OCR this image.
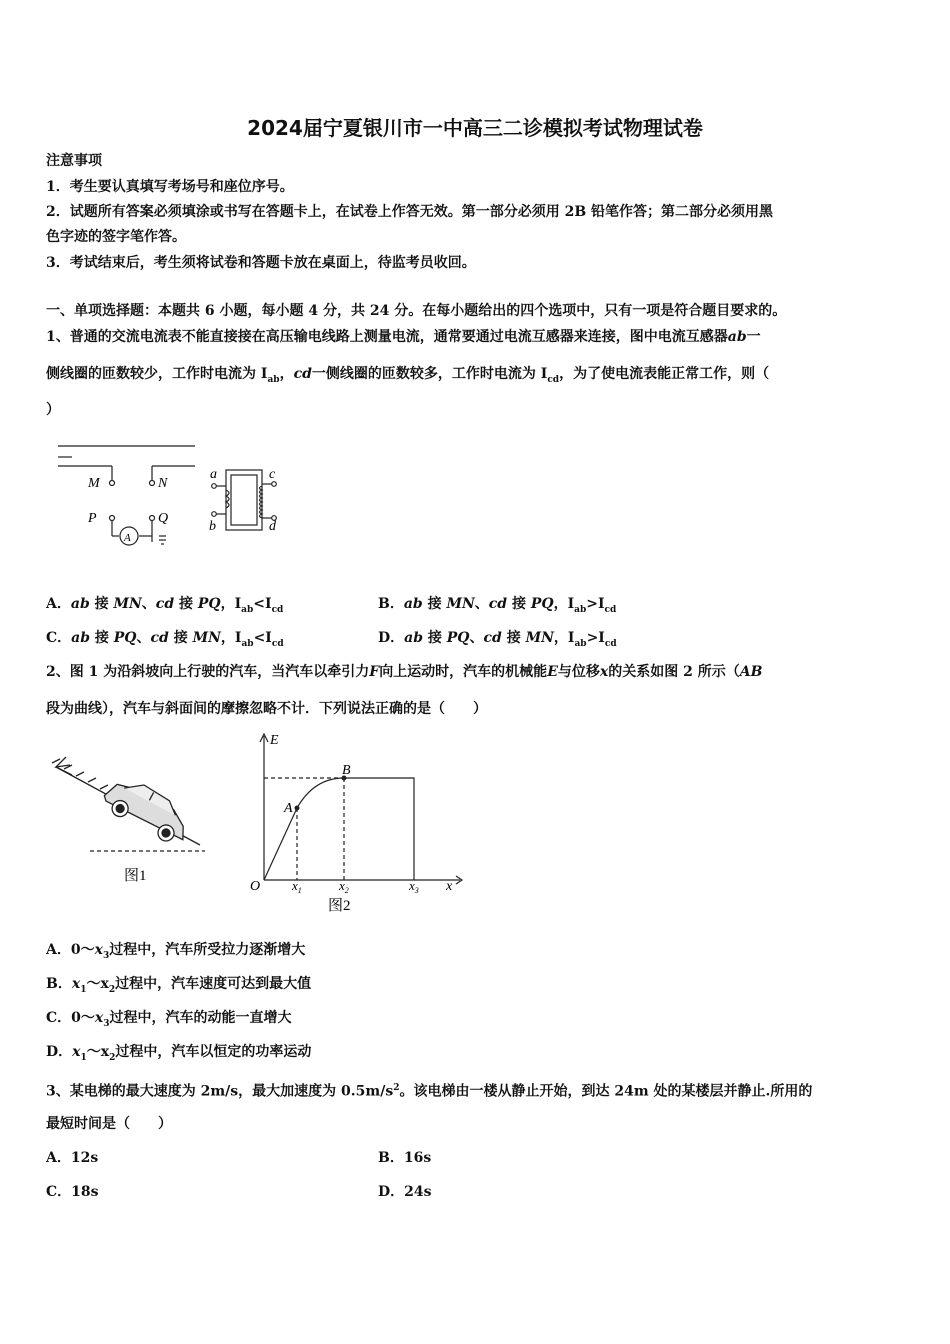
2024届宁夏银川市一中高三二诊模拟考试物理试卷
注意事项
1．考生要认真填写考场号和座位序号。
2．试题所有答案必须填涂或书写在答题卡上，在试卷上作答无效。第一部分必须用 2B 铅笔作答；第二部分必须用黑
色字迹的签字笔作答。
3．考试结束后，考生须将试卷和答题卡放在桌面上，待监考员收回。
一、单项选择题：本题共 6 小题，每小题 4 分，共 24 分。在每小题给出的四个选项中，只有一项是符合题目要求的。
1、普通的交流电流表不能直接接在高压输电线路上测量电流，通常要通过电流互感器来连接，图中电流互感器ab一
侧线圈的匝数较少，工作时电流为 $I_{ab}$，cd一侧线圈的匝数较多，工作时电流为 $I_{cd}$，为了使电流表能正常工作，则（
）
M	N
P	Q
A
a
b
c
d
A．ab 接 MN、cd 接 PQ，$I_{ab}<I_{cd}$	B．ab 接 MN、cd 接 PQ，$I_{ab}>I_{cd}$
C．ab 接 PQ、cd 接 MN，$I_{ab}<I_{cd}$	D．ab 接 PQ、cd 接 MN，$I_{ab}>I_{cd}$
2、图 1 为沿斜坡向上行驶的汽车，当汽车以牵引力F向上运动时，汽车的机械能E与位移x的关系如图 2 所示（AB
段为曲线），汽车与斜面间的摩擦忽略不计．下列说法正确的是（　　）
图1
E
O
A
B
x
$x_1$	$x_2$	$x_3$
图2
A．$0\sim x_3$过程中，汽车所受拉力逐渐增大
B．$x_1\sim x_2$过程中，汽车速度可达到最大值
C．$0\sim x_3$过程中，汽车的动能一直增大
D．$x_1\sim x_2$过程中，汽车以恒定的功率运动
3、某电梯的最大速度为 2m/s，最大加速度为 $0.5m/s^2$。该电梯由一楼从静止开始，到达 24m 处的某楼层并静止.所用的
最短时间是（　　）
A．12s	B．16s
C．18s	D．24s
